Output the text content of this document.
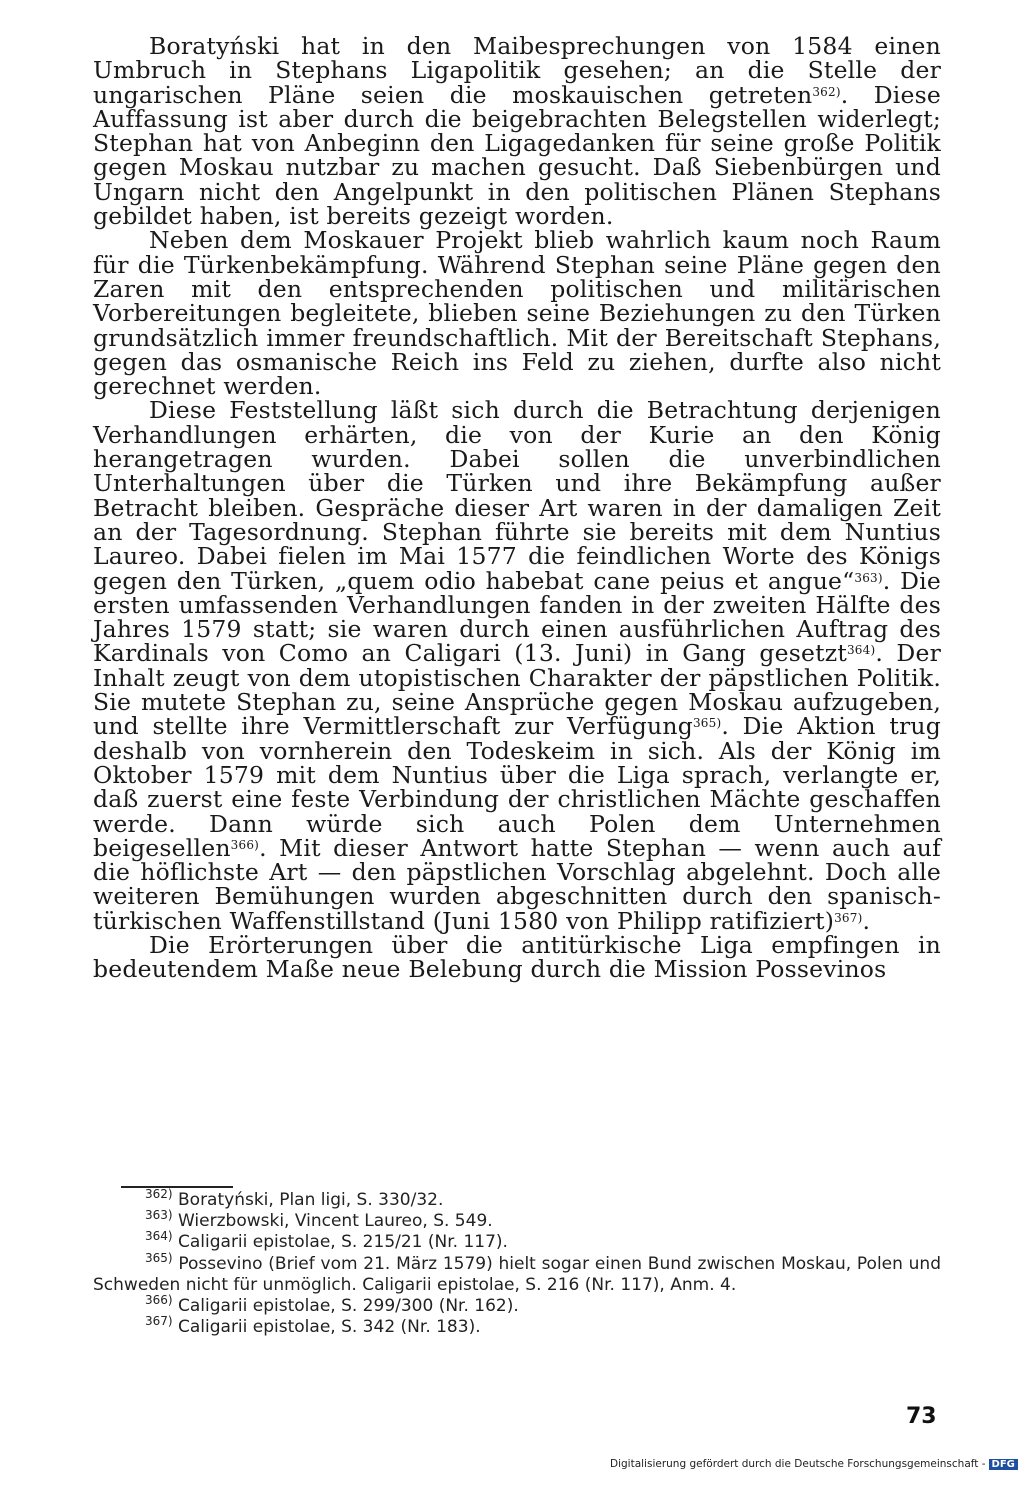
Boratyński hat in den Maibesprechungen von 1584 einen Umbruch in Stephans Ligapolitik gesehen; an die Stelle der ungarischen Pläne seien die moskauischen getreten$^{362)}$. Diese Auffassung ist aber durch die beigebrachten Belegstellen widerlegt; Stephan hat von Anbeginn den Ligagedanken für seine große Politik gegen Moskau nutzbar zu machen gesucht. Daß Siebenbürgen und Ungarn nicht den Angelpunkt in den politischen Plänen Stephans gebildet haben, ist bereits gezeigt worden.

Neben dem Moskauer Projekt blieb wahrlich kaum noch Raum für die Türkenbekämpfung. Während Stephan seine Pläne gegen den Zaren mit den entsprechenden politischen und militärischen Vorbereitungen begleitete, blieben seine Beziehungen zu den Türken grundsätzlich immer freundschaftlich. Mit der Bereitschaft Stephans, gegen das osmanische Reich ins Feld zu ziehen, durfte also nicht gerechnet werden.

Diese Feststellung läßt sich durch die Betrachtung derjenigen Verhandlungen erhärten, die von der Kurie an den König herangetragen wurden. Dabei sollen die unverbindlichen Unterhaltungen über die Türken und ihre Bekämpfung außer Betracht bleiben. Gespräche dieser Art waren in der damaligen Zeit an der Tagesordnung. Stephan führte sie bereits mit dem Nuntius Laureo. Dabei fielen im Mai 1577 die feindlichen Worte des Königs gegen den Türken, „quem odio habebat cane peius et angue“$^{363)}$. Die ersten umfassenden Verhandlungen fanden in der zweiten Hälfte des Jahres 1579 statt; sie waren durch einen ausführlichen Auftrag des Kardinals von Como an Caligari (13. Juni) in Gang gesetzt$^{364)}$. Der Inhalt zeugt von dem utopistischen Charakter der päpstlichen Politik. Sie mutete Stephan zu, seine Ansprüche gegen Moskau aufzugeben, und stellte ihre Vermittlerschaft zur Verfügung$^{365)}$. Die Aktion trug deshalb von vornherein den Todeskeim in sich. Als der König im Oktober 1579 mit dem Nuntius über die Liga sprach, verlangte er, daß zuerst eine feste Verbindung der christlichen Mächte geschaffen werde. Dann würde sich auch Polen dem Unternehmen beigesellen$^{366)}$. Mit dieser Antwort hatte Stephan — wenn auch auf die höflichste Art — den päpstlichen Vorschlag abgelehnt. Doch alle weiteren Bemühungen wurden abgeschnitten durch den spanisch-türkischen Waffenstillstand (Juni 1580 von Philipp ratifiziert)$^{367)}$.

Die Erörterungen über die antitürkische Liga empfingen in bedeutendem Maße neue Belebung durch die Mission Possevinos

$^{362)}$ Boratyński, Plan ligi, S. 330/32.

$^{363)}$ Wierzbowski, Vincent Laureo, S. 549.

$^{364)}$ Caligarii epistolae, S. 215/21 (Nr. 117).

$^{365)}$ Possevino (Brief vom 21. März 1579) hielt sogar einen Bund zwischen Moskau, Polen und Schweden nicht für unmöglich. Caligarii epistolae, S. 216 (Nr. 117), Anm. 4.

$^{366)}$ Caligarii epistolae, S. 299/300 (Nr. 162).

$^{367)}$ Caligarii epistolae, S. 342 (Nr. 183).

73
Digitalisierung gefördert durch die Deutsche Forschungsgemeinschaft - DFG
